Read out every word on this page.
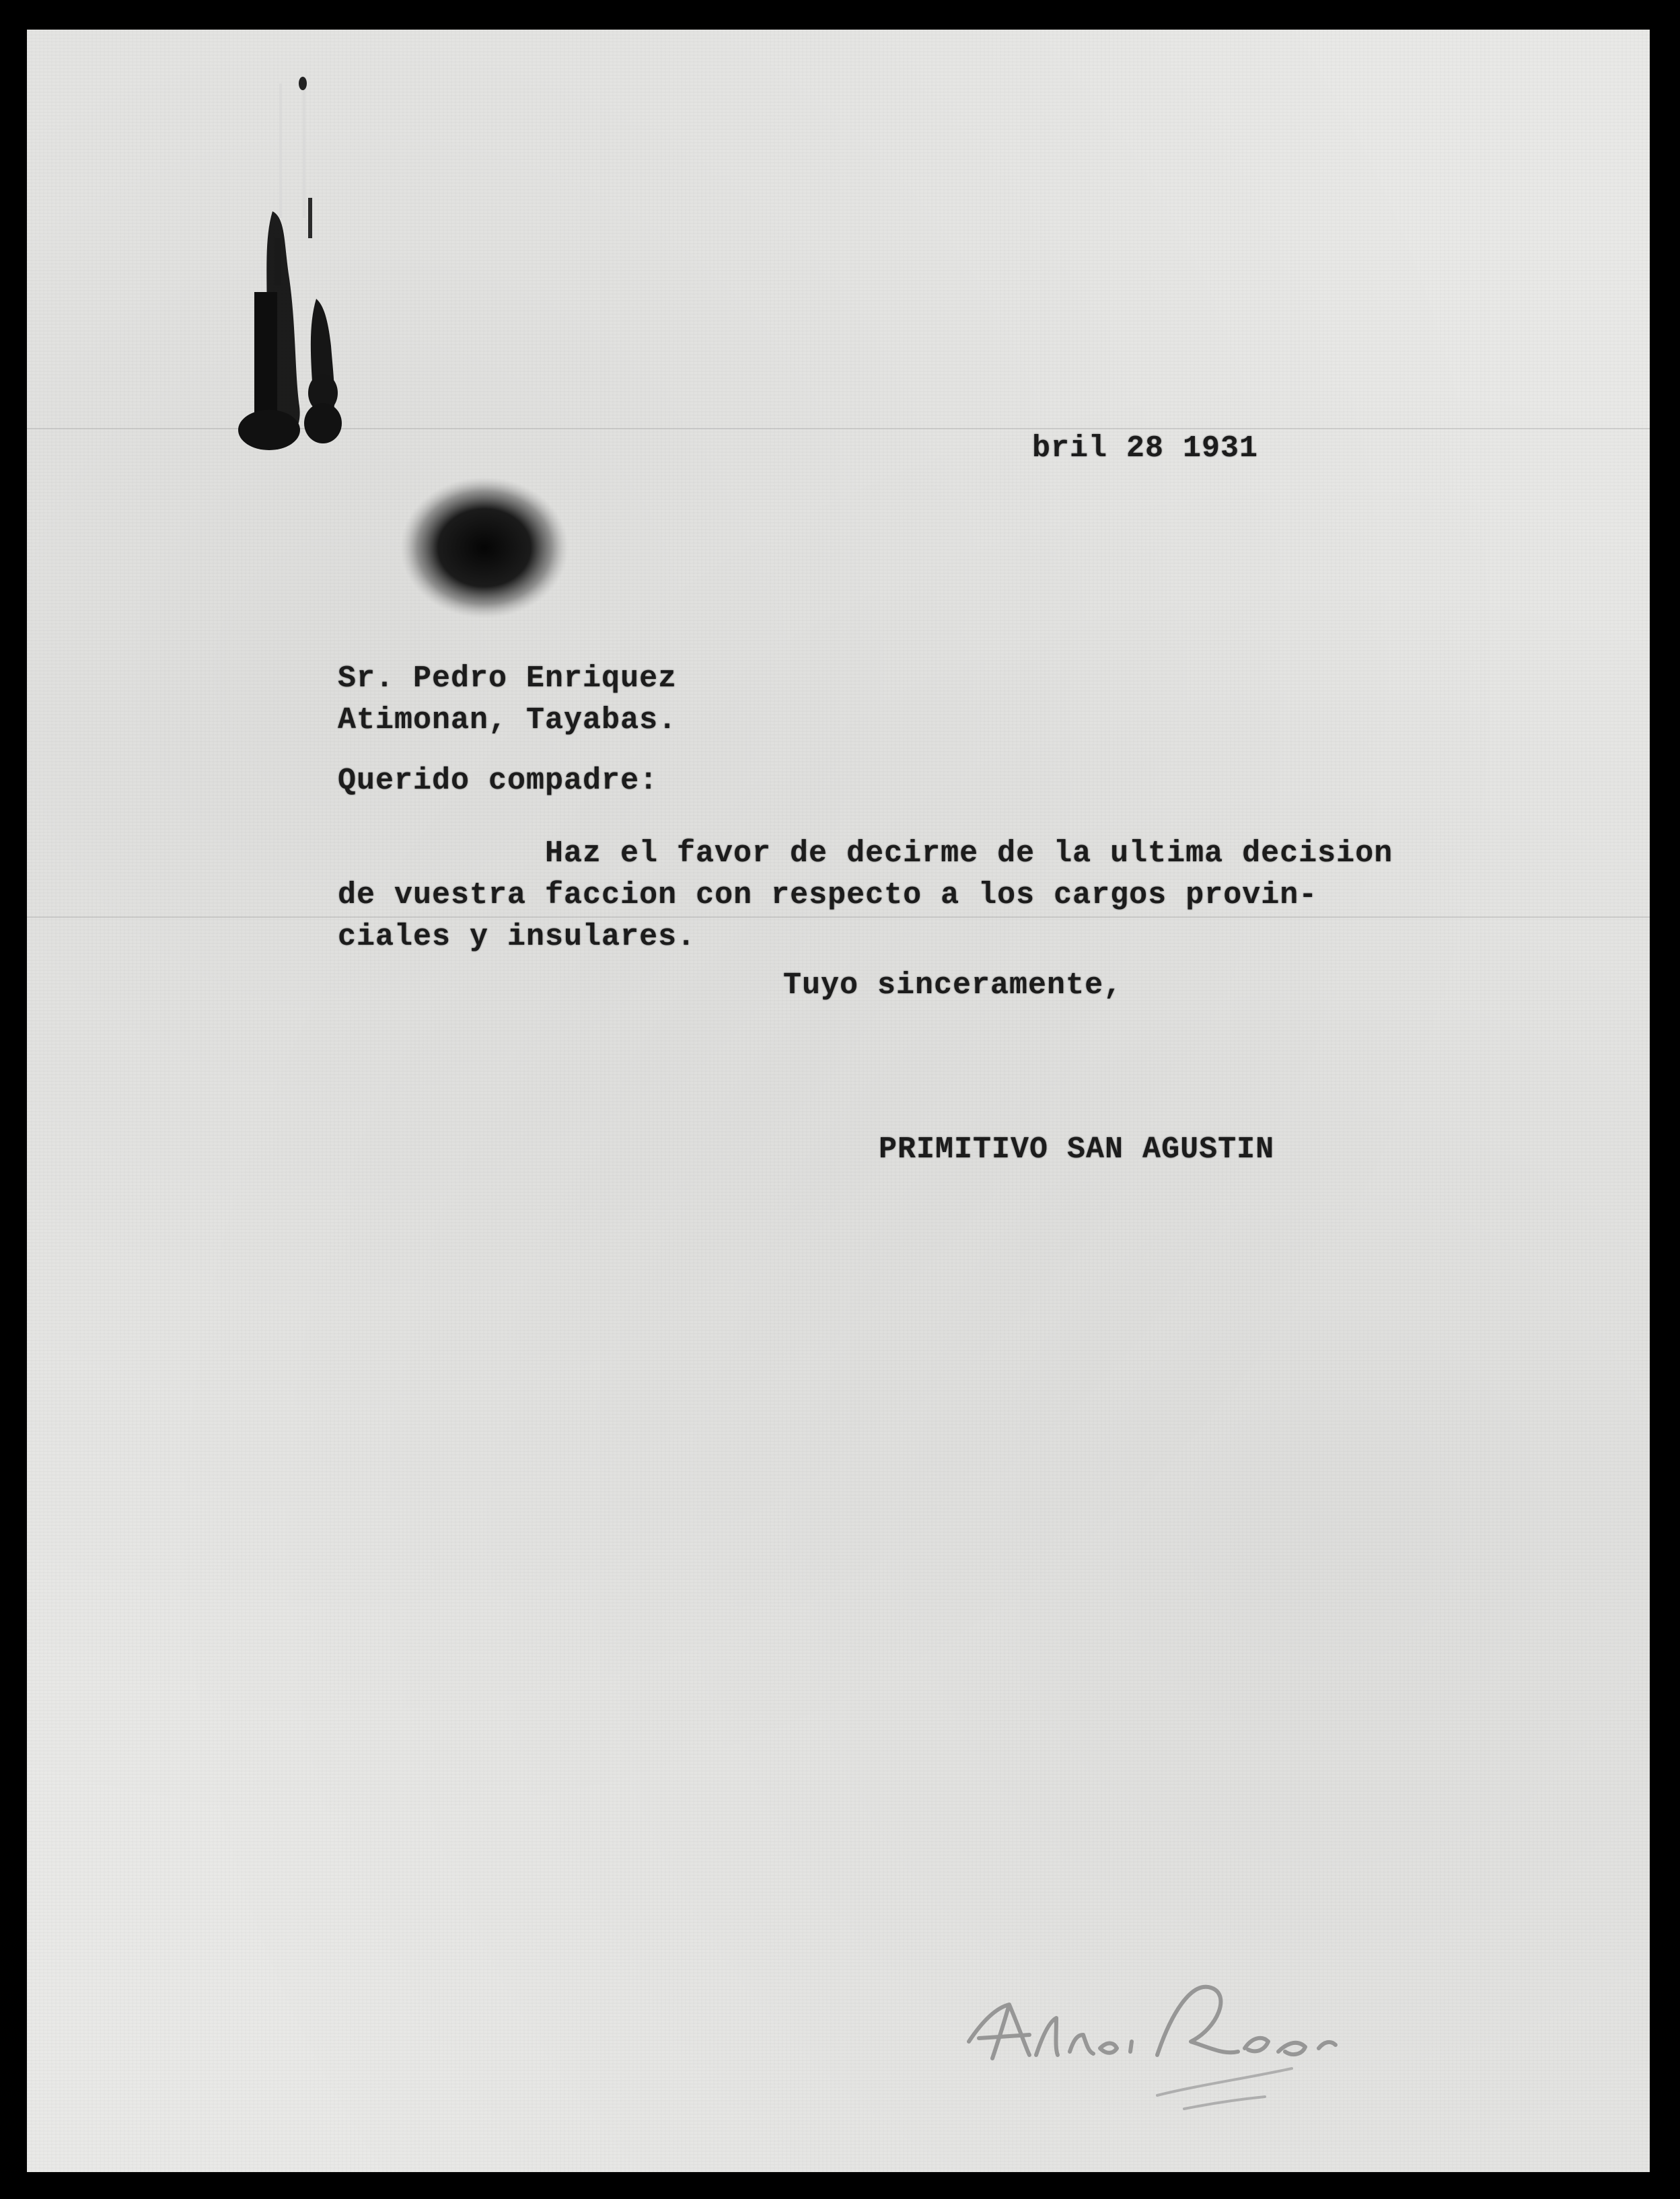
bril 28 1931
Sr. Pedro Enriquez
Atimonan, Tayabas.
Querido compadre:
Haz el favor de decirme de la ultima decision
de vuestra faccion con respecto a los cargos provin-
ciales y insulares.
Tuyo sinceramente,
PRIMITIVO SAN AGUSTIN
